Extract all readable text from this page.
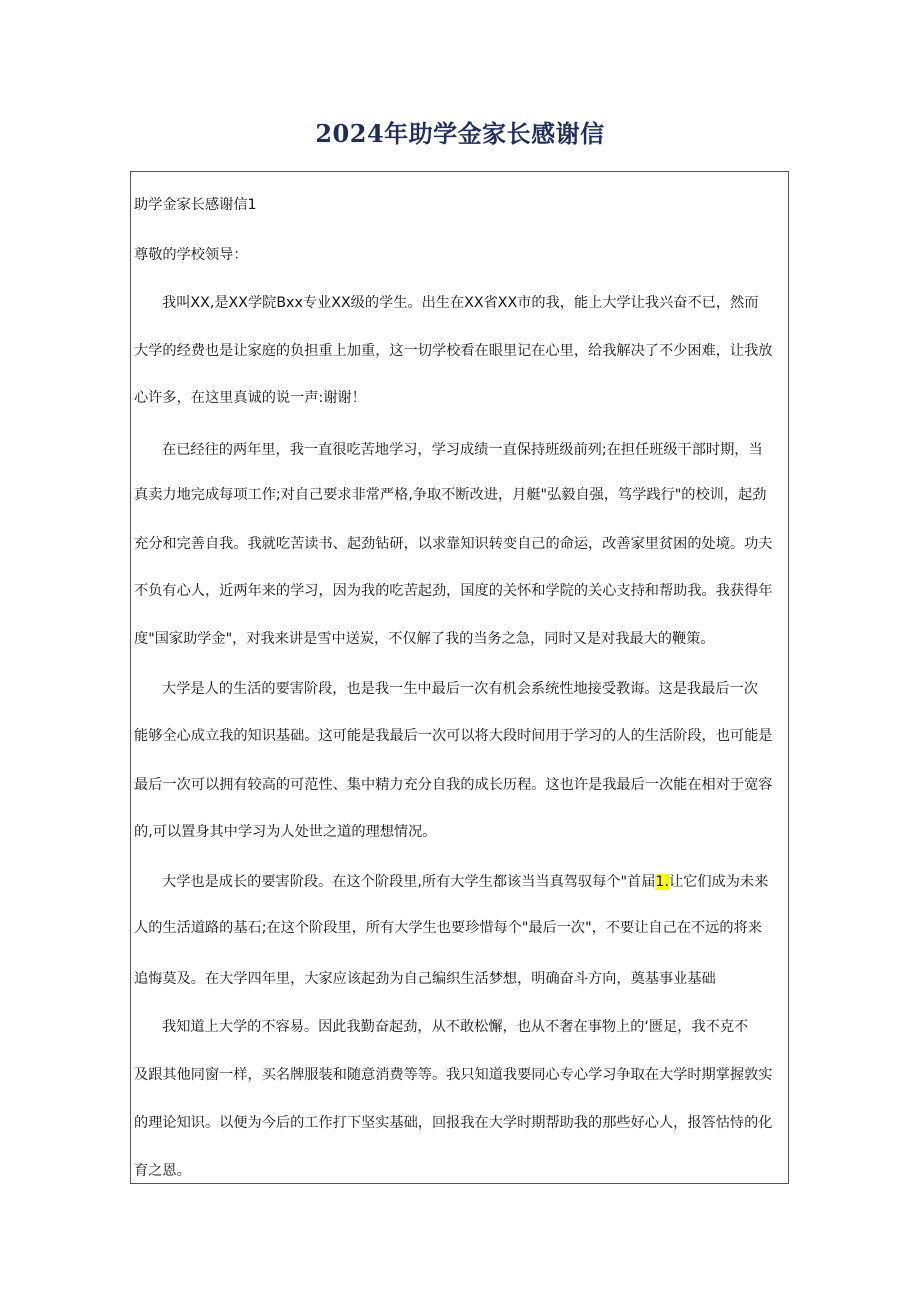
2024年助学金家长感谢信
助学金家长感谢信1
尊敬的学校领导：
我叫XX,是XX学院Bxx专业XX级的学生。出生在XX省XX市的我，能上大学让我兴奋不已，然而
大学的经费也是让家庭的负担重上加重，这一切学校看在眼里记在心里，给我解决了不少困难，让我放
心许多，在这里真诚的说一声:谢谢！
在已经往的两年里，我一直很吃苦地学习，学习成绩一直保持班级前列;在担任班级干部时期，当
真卖力地完成每项工作;对自己要求非常严格,争取不断改进，月艇"弘毅自强，笃学践行"的校训，起劲
充分和完善自我。我就吃苦读书、起劲钻研，以求靠知识转变自己的命运，改善家里贫困的处境。功夫
不负有心人，近两年来的学习，因为我的吃苦起劲，国度的关怀和学院的关心支持和帮助我。我获得年
度"国家助学金"，对我来讲是雪中送炭，不仅解了我的当务之急，同时又是对我最大的鞭策。
大学是人的生活的要害阶段，也是我一生中最后一次有机会系统性地接受教诲。这是我最后一次
能够全心成立我的知识基础。这可能是我最后一次可以将大段时间用于学习的人的生活阶段，也可能是
最后一次可以拥有较高的可范性、集中精力充分自我的成长历程。这也许是我最后一次能在相对于宽容
的,可以置身其中学习为人处世之道的理想情况。
大学也是成长的要害阶段。在这个阶段里,所有大学生都该当当真驾驭每个"首届1.让它们成为未来
人的生活道路的基石;在这个阶段里，所有大学生也要珍惜每个"最后一次"，不要让自己在不远的将来
追悔莫及。在大学四年里，大家应该起劲为自己编织生活梦想，明确奋斗方向，奠基事业基础
我知道上大学的不容易。因此我勤奋起劲，从不敢松懈，也从不奢在事物上的‘匮足，我不克不
及跟其他同窗一样，买名牌服装和随意消费等等。我只知道我要同心专心学习争取在大学时期掌握敦实
的理论知识。以便为今后的工作打下坚实基础，回报我在大学时期帮助我的那些好心人，报答怙恃的化
育之恩。
